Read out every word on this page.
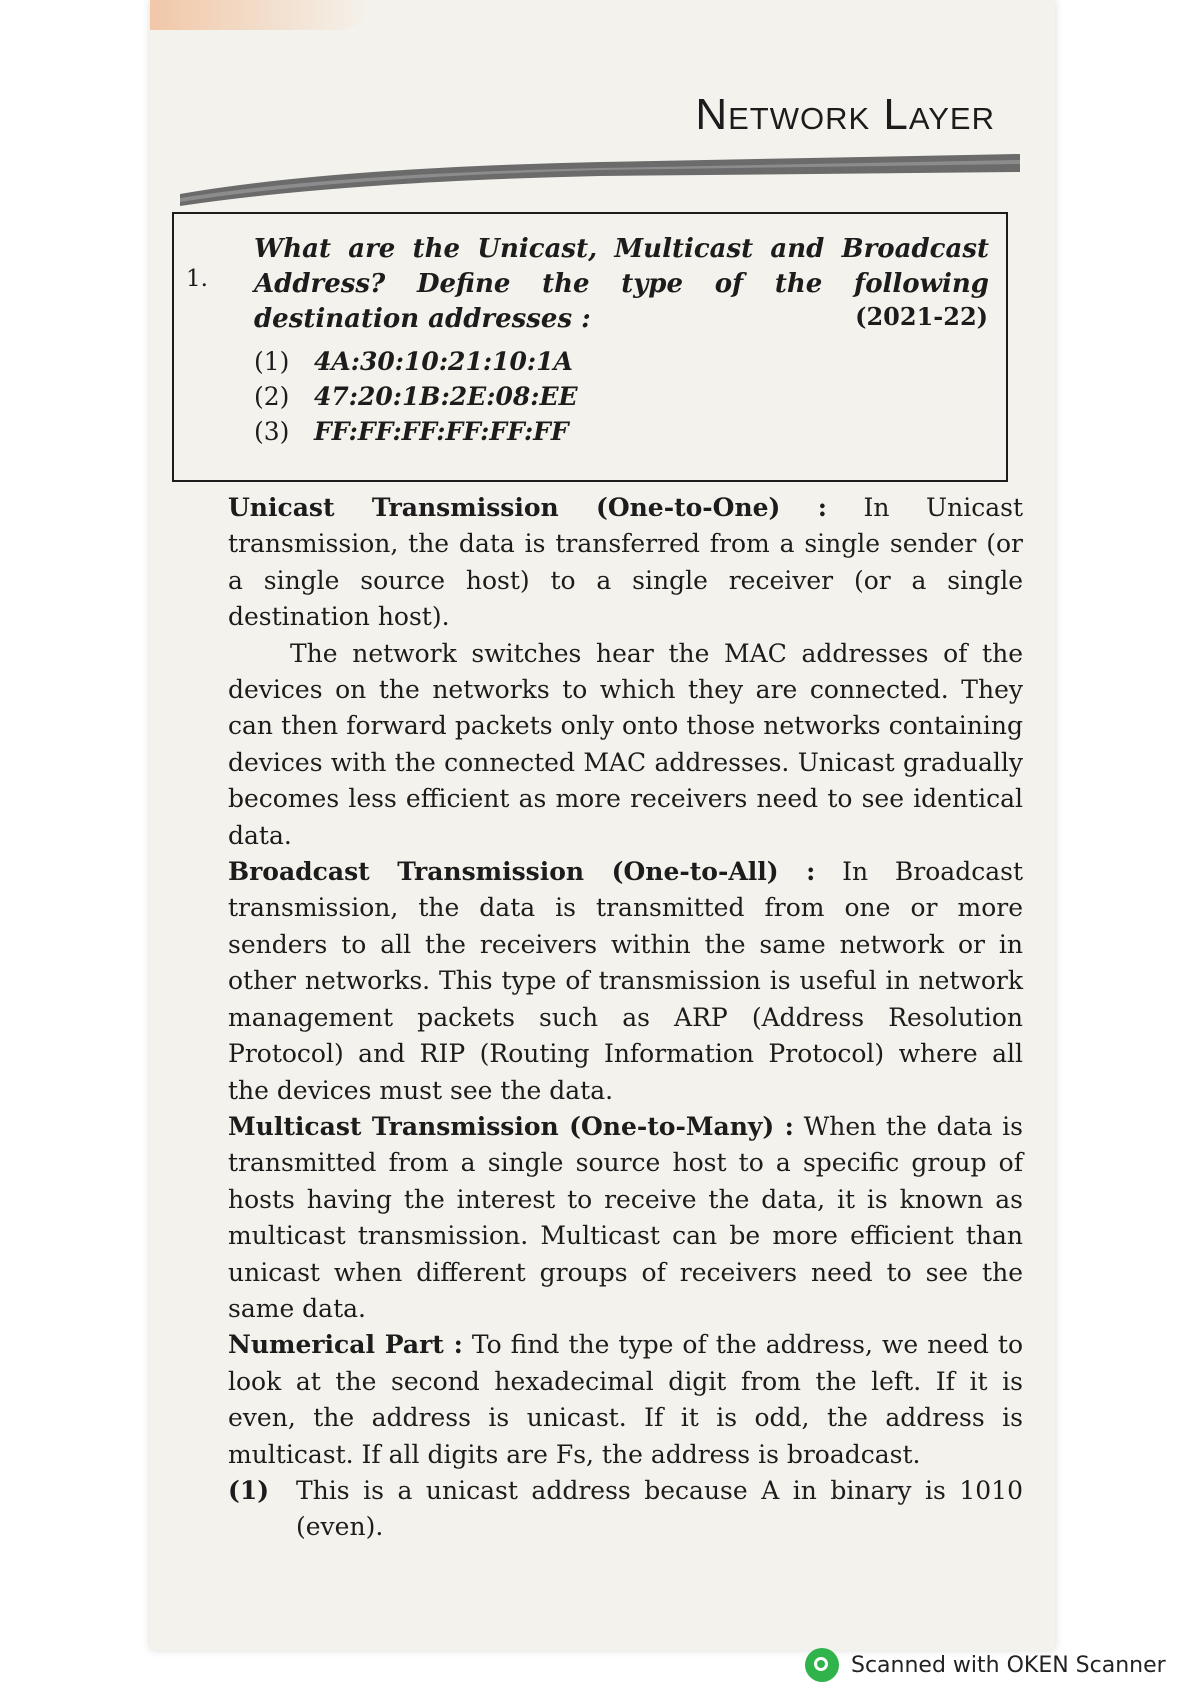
Network Layer
1.
What are the Unicast, Multicast and Broadcast Address? Define the type of the following destination addresses :	(2021-22)
(1) 4A:30:10:21:10:1A
(2) 47:20:1B:2E:08:EE
(3) FF:FF:FF:FF:FF:FF

Unicast Transmission (One-to-One) : In Unicast transmission, the data is transferred from a single sender (or a single source host) to a single receiver (or a single destination host).

The network switches hear the MAC addresses of the devices on the networks to which they are connected. They can then forward packets only onto those networks containing devices with the connected MAC addresses. Unicast gradually becomes less efficient as more receivers need to see identical data.

Broadcast Transmission (One-to-All) : In Broadcast transmission, the data is transmitted from one or more senders to all the receivers within the same network or in other networks. This type of transmission is useful in network management packets such as ARP (Address Resolution Protocol) and RIP (Routing Information Protocol) where all the devices must see the data.

Multicast Transmission (One-to-Many) : When the data is transmitted from a single source host to a specific group of hosts having the interest to receive the data, it is known as multicast transmission. Multicast can be more efficient than unicast when different groups of receivers need to see the same data.

Numerical Part : To find the type of the address, we need to look at the second hexadecimal digit from the left. If it is even, the address is unicast. If it is odd, the address is multicast. If all digits are Fs, the address is broadcast.

(1)	This is a unicast address because A in binary is 1010 (even).
Scanned with OKEN Scanner
